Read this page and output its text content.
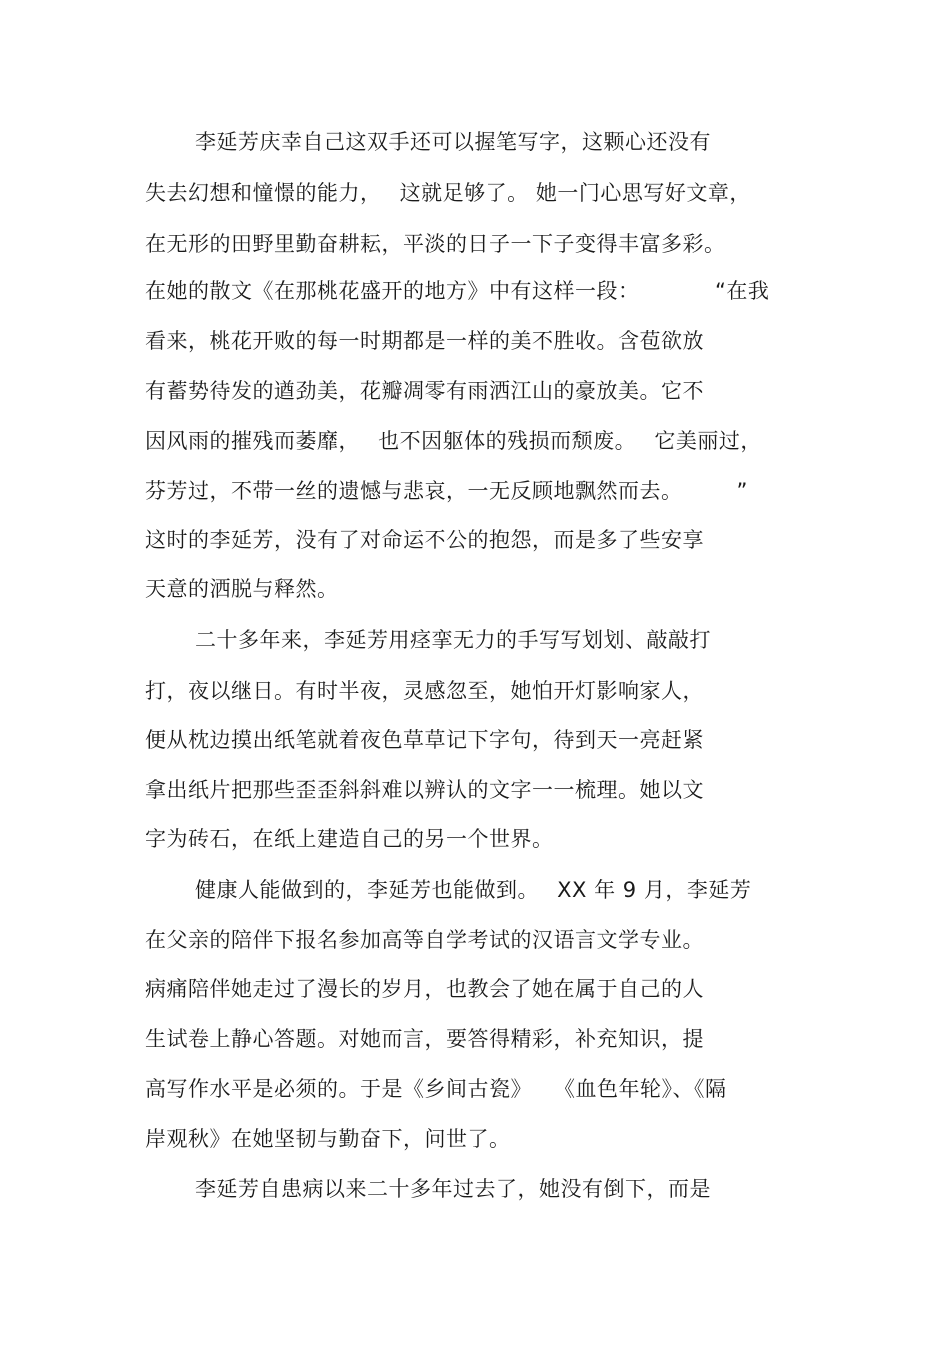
李延芳庆幸自己这双手还可以握笔写字，这颗心还没有
失去幻想和憧憬的能力，　 这就足够了。 她一门心思写好文章，
在无形的田野里勤奋耕耘，平淡的日子一下子变得丰富多彩。
在她的散文《在那桃花盛开的地方》中有这样一段：　　　　“在我
看来，桃花开败的每一时期都是一样的美不胜收。含苞欲放
有蓄势待发的遒劲美，花瓣凋零有雨洒江山的豪放美。它不
因风雨的摧残而萎靡，　 也不因躯体的残损而颓废。　 它美丽过，
芬芳过，不带一丝的遗憾与悲哀，一无反顾地飘然而去。　　　”
这时的李延芳，没有了对命运不公的抱怨，而是多了些安享
天意的洒脱与释然。
二十多年来，李延芳用痉挛无力的手写写划划、敲敲打
打，夜以继日。有时半夜，灵感忽至，她怕开灯影响家人，
便从枕边摸出纸笔就着夜色草草记下字句，待到天一亮赶紧
拿出纸片把那些歪歪斜斜难以辨认的文字一一梳理。她以文
字为砖石，在纸上建造自己的另一个世界。
健康人能做到的，李延芳也能做到。　 XX 年 9 月，李延芳
在父亲的陪伴下报名参加高等自学考试的汉语言文学专业。
病痛陪伴她走过了漫长的岁月，也教会了她在属于自己的人
生试卷上静心答题。对她而言，要答得精彩，补充知识，提
高写作水平是必须的。于是《乡间古瓷》　　《血色年轮》、《隔
岸观秋》在她坚韧与勤奋下，问世了。
李延芳自患病以来二十多年过去了，她没有倒下，而是
